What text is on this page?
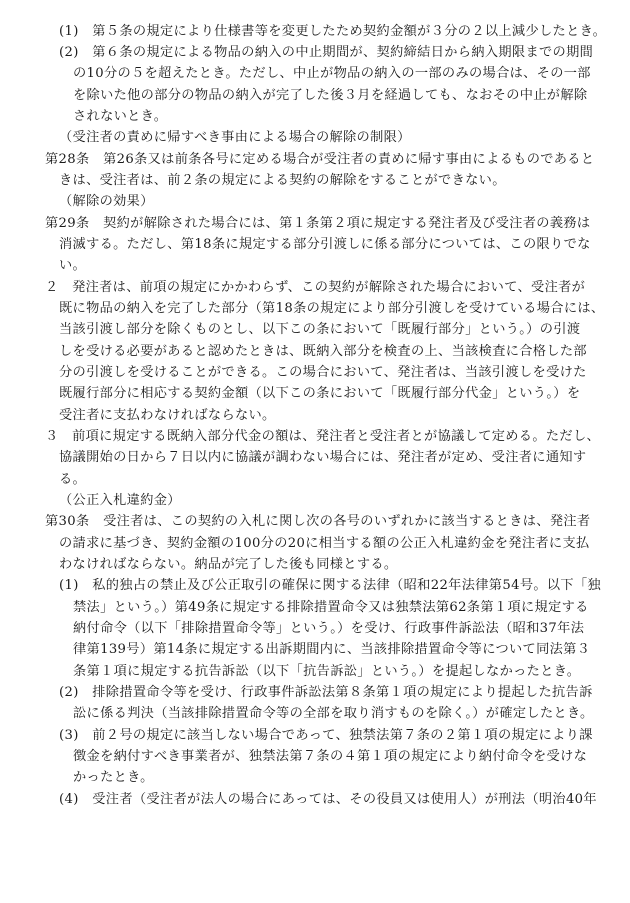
(1)　第５条の規定により仕様書等を変更したため契約金額が３分の２以上減少したとき。
(2)　第６条の規定による物品の納入の中止期間が、契約締結日から納入期限までの期間
の10分の５を超えたとき。ただし、中止が物品の納入の一部のみの場合は、その一部
を除いた他の部分の物品の納入が完了した後３月を経過しても、なおその中止が解除
されないとき。
（受注者の責めに帰すべき事由による場合の解除の制限）
第28条　第26条又は前条各号に定める場合が受注者の責めに帰す事由によるものであると
きは、受注者は、前２条の規定による契約の解除をすることができない。
（解除の効果）
第29条　契約が解除された場合には、第１条第２項に規定する発注者及び受注者の義務は
消滅する。ただし、第18条に規定する部分引渡しに係る部分については、この限りでな
い。
２　発注者は、前項の規定にかかわらず、この契約が解除された場合において、受注者が
既に物品の納入を完了した部分（第18条の規定により部分引渡しを受けている場合には、
当該引渡し部分を除くものとし、以下この条において「既履行部分」という。）の引渡
しを受ける必要があると認めたときは、既納入部分を検査の上、当該検査に合格した部
分の引渡しを受けることができる。この場合において、発注者は、当該引渡しを受けた
既履行部分に相応する契約金額（以下この条において「既履行部分代金」という。）を
受注者に支払わなければならない。
３　前項に規定する既納入部分代金の額は、発注者と受注者とが協議して定める。ただし、
協議開始の日から７日以内に協議が調わない場合には、発注者が定め、受注者に通知す
る。
（公正入札違約金）
第30条　受注者は、この契約の入札に関し次の各号のいずれかに該当するときは、発注者
の請求に基づき、契約金額の100分の20に相当する額の公正入札違約金を発注者に支払
わなければならない。納品が完了した後も同様とする。
(1)　私的独占の禁止及び公正取引の確保に関する法律（昭和22年法律第54号。以下「独
禁法」という。）第49条に規定する排除措置命令又は独禁法第62条第１項に規定する
納付命令（以下「排除措置命令等」という。）を受け、行政事件訴訟法（昭和37年法
律第139号）第14条に規定する出訴期間内に、当該排除措置命令等について同法第３
条第１項に規定する抗告訴訟（以下「抗告訴訟」という。）を提起しなかったとき。
(2)　排除措置命令等を受け、行政事件訴訟法第８条第１項の規定により提起した抗告訴
訟に係る判決（当該排除措置命令等の全部を取り消すものを除く。）が確定したとき。
(3)　前２号の規定に該当しない場合であって、独禁法第７条の２第１項の規定により課
徴金を納付すべき事業者が、独禁法第７条の４第１項の規定により納付命令を受けな
かったとき。
(4)　受注者（受注者が法人の場合にあっては、その役員又は使用人）が刑法（明治40年
